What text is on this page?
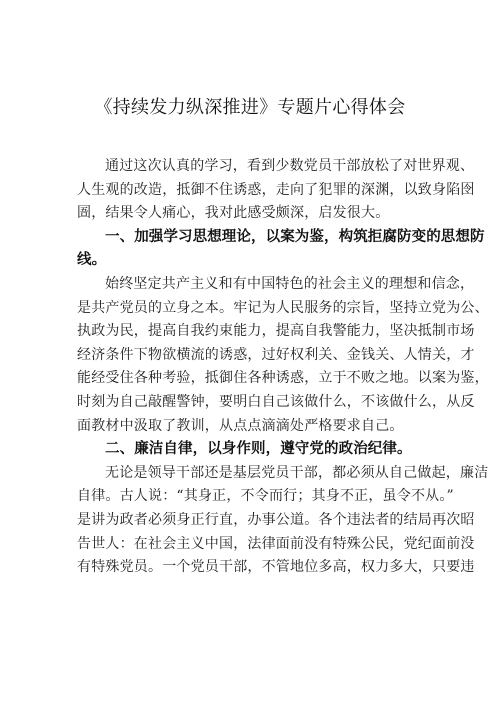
《持续发力纵深推进》专题片心得体会

通过这次认真的学习，看到少数党员干部放松了对世界观、
人生观的改造，抵御不住诱惑，走向了犯罪的深渊，以致身陷囹
圄，结果令人痛心，我对此感受颇深，启发很大。

一、加强学习思想理论，以案为鉴，构筑拒腐防变的思想防
线。

始终坚定共产主义和有中国特色的社会主义的理想和信念，
是共产党员的立身之本。牢记为人民服务的宗旨，坚持立党为公、
执政为民，提高自我约束能力，提高自我警能力，坚决抵制市场
经济条件下物欲横流的诱惑，过好权利关、金钱关、人情关，才
能经受住各种考验，抵御住各种诱惑，立于不败之地。以案为鉴，
时刻为自己敲醒警钟，要明白自己该做什么，不该做什么，从反
面教材中汲取了教训，从点点滴滴处严格要求自己。

二、廉洁自律，以身作则，遵守党的政治纪律。

无论是领导干部还是基层党员干部，都必须从自己做起，廉洁
自律。古人说：“其身正，不令而行；其身不正，虽令不从。”
是讲为政者必须身正行直，办事公道。各个违法者的结局再次昭
告世人：在社会主义中国，法律面前没有特殊公民，党纪面前没
有特殊党员。一个党员干部，不管地位多高，权力多大，只要违
